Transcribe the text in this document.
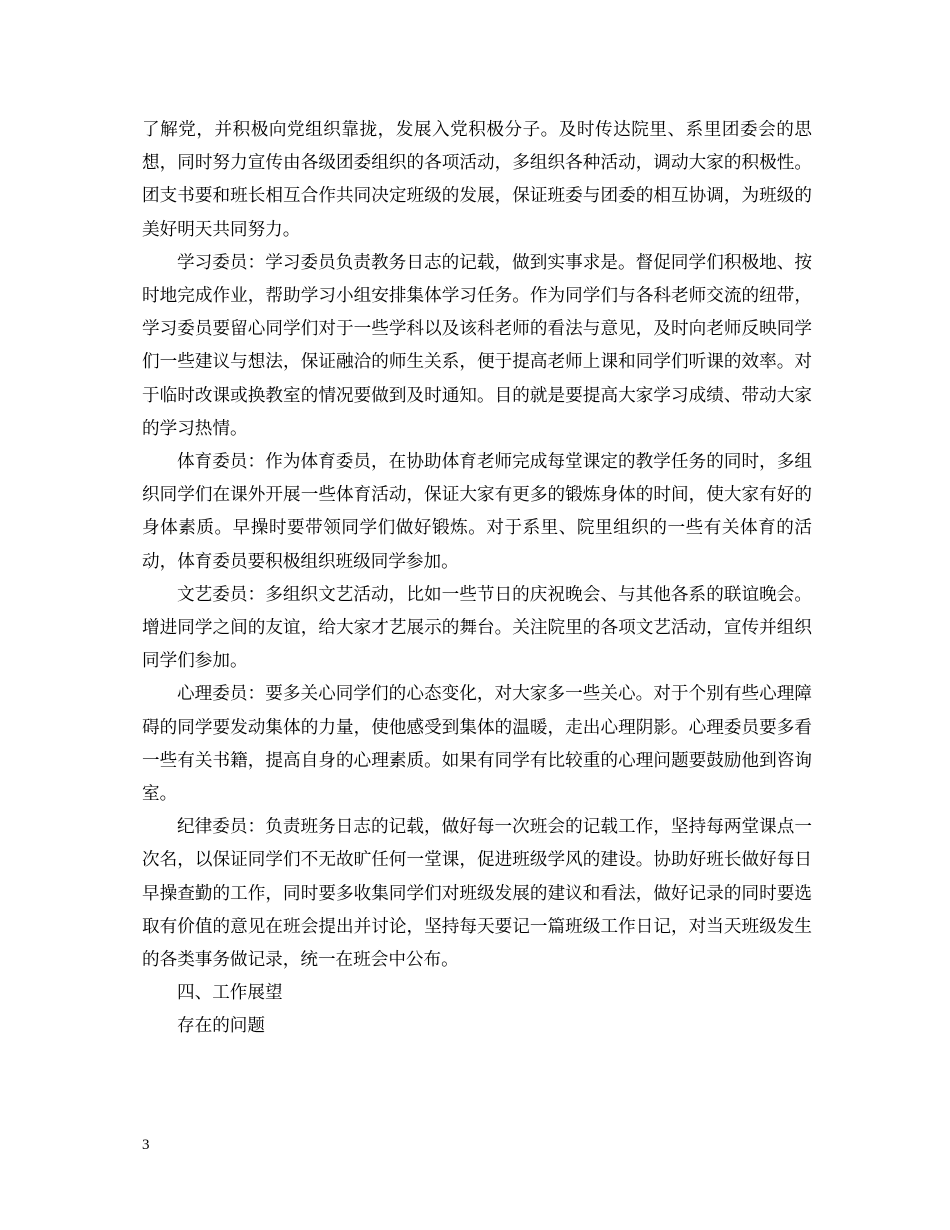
了解党，并积极向党组织靠拢，发展入党积极分子。及时传达院里、系里团委会的思想，同时努力宣传由各级团委组织的各项活动，多组织各种活动，调动大家的积极性。团支书要和班长相互合作共同决定班级的发展，保证班委与团委的相互协调，为班级的美好明天共同努力。

学习委员：学习委员负责教务日志的记载，做到实事求是。督促同学们积极地、按时地完成作业，帮助学习小组安排集体学习任务。作为同学们与各科老师交流的纽带，学习委员要留心同学们对于一些学科以及该科老师的看法与意见，及时向老师反映同学们一些建议与想法，保证融洽的师生关系，便于提高老师上课和同学们听课的效率。对于临时改课或换教室的情况要做到及时通知。目的就是要提高大家学习成绩、带动大家的学习热情。

体育委员：作为体育委员，在协助体育老师完成每堂课定的教学任务的同时，多组织同学们在课外开展一些体育活动，保证大家有更多的锻炼身体的时间，使大家有好的身体素质。早操时要带领同学们做好锻炼。对于系里、院里组织的一些有关体育的活动，体育委员要积极组织班级同学参加。

文艺委员：多组织文艺活动，比如一些节日的庆祝晚会、与其他各系的联谊晚会。增进同学之间的友谊，给大家才艺展示的舞台。关注院里的各项文艺活动，宣传并组织同学们参加。

心理委员：要多关心同学们的心态变化，对大家多一些关心。对于个别有些心理障碍的同学要发动集体的力量，使他感受到集体的温暖，走出心理阴影。心理委员要多看一些有关书籍，提高自身的心理素质。如果有同学有比较重的心理问题要鼓励他到咨询室。

纪律委员：负责班务日志的记载，做好每一次班会的记载工作，坚持每两堂课点一次名，以保证同学们不无故旷任何一堂课，促进班级学风的建设。协助好班长做好每日早操查勤的工作，同时要多收集同学们对班级发展的建议和看法，做好记录的同时要选取有价值的意见在班会提出并讨论，坚持每天要记一篇班级工作日记，对当天班级发生的各类事务做记录，统一在班会中公布。

四、工作展望

存在的问题

3
